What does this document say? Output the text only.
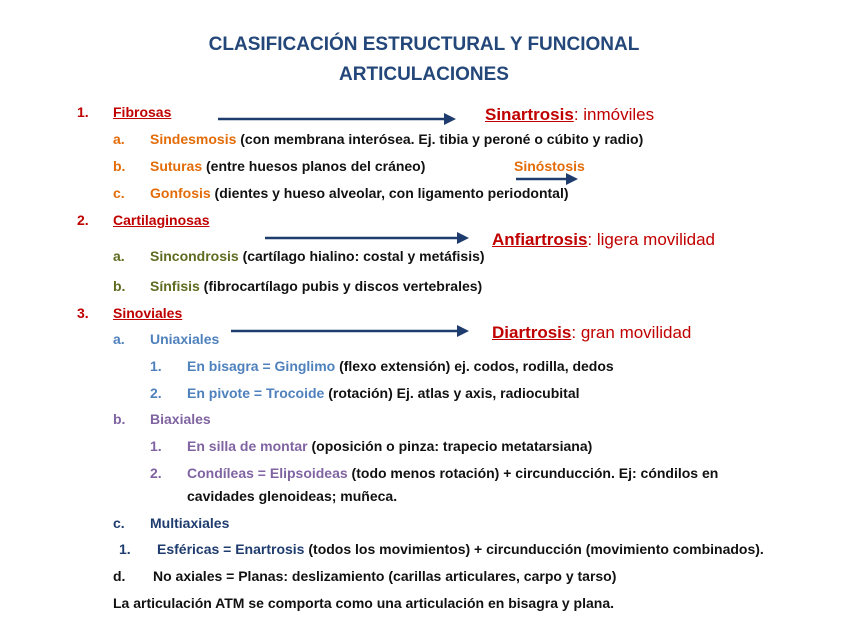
CLASIFICACIÓN ESTRUCTURAL Y FUNCIONAL
ARTICULACIONES
1. Fibrosas	Sinartrosis: inmóviles
a. Sindesmosis (con membrana interósea. Ej. tibia y peroné o cúbito y radio)
b. Suturas (entre huesos planos del cráneo)	Sinóstosis
c. Gonfosis (dientes y hueso alveolar, con ligamento periodontal)
2. Cartilaginosas
Anfiartrosis: ligera movilidad
a. Sincondrosis (cartílago hialino: costal y metáfisis)
b. Sínfisis (fibrocartílago pubis y discos vertebrales)
3. Sinoviales
a. Uniaxiales	Diartrosis: gran movilidad
1. En bisagra = Ginglimo (flexo extensión) ej. codos, rodilla, dedos
2. En pivote = Trocoide (rotación) Ej. atlas y axis, radiocubital
b. Biaxiales
1. En silla de montar (oposición o pinza: trapecio metatarsiana)
2. Condíleas = Elipsoideas (todo menos rotación) + circunducción. Ej: cóndilos en
cavidades glenoideas; muñeca.
c. Multiaxiales
1. Esféricas = Enartrosis (todos los movimientos) + circunducción (movimiento combinados).
d. No axiales = Planas: deslizamiento (carillas articulares, carpo y tarso)
La articulación ATM se comporta como una articulación en bisagra y plana.
